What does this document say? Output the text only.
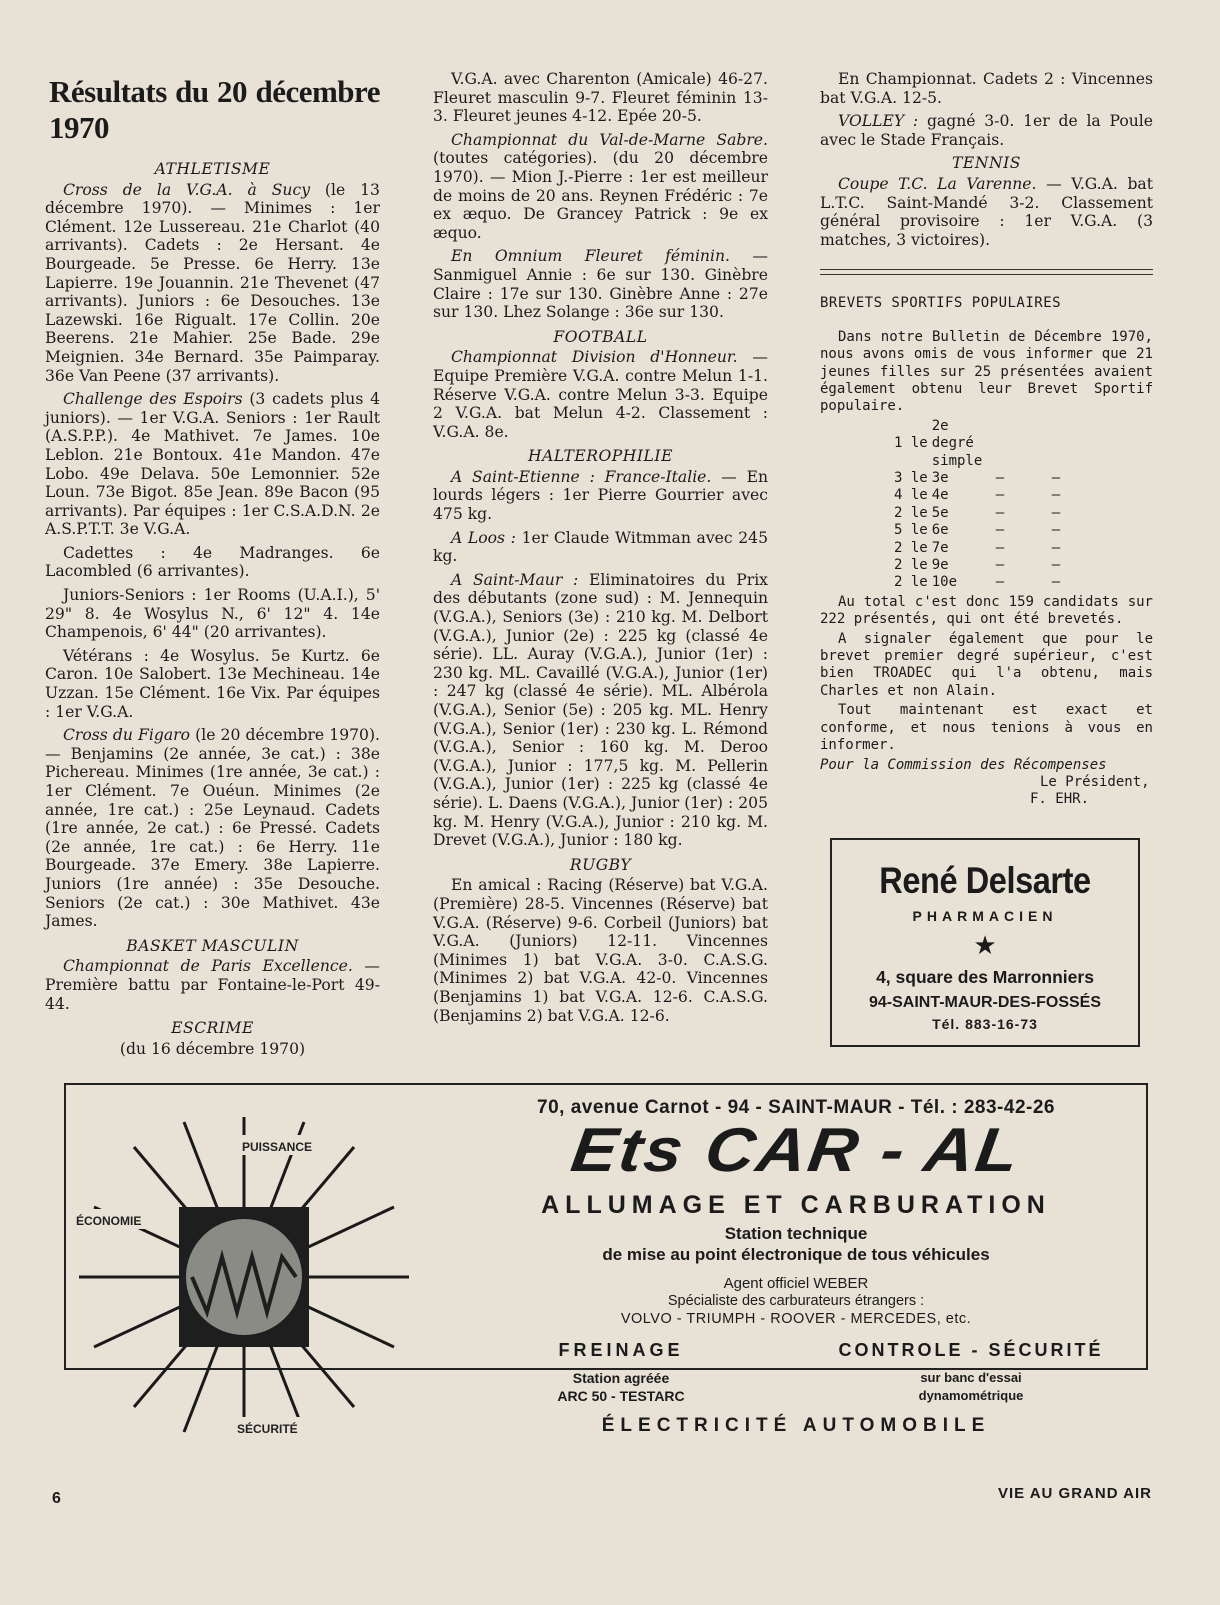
Résultats du 20 décembre 1970
ATHLETISME

Cross de la V.G.A. à Sucy (le 13 décembre 1970). — Minimes : 1er Clément. 12e Lussereau. 21e Charlot (40 arrivants). Cadets : 2e Hersant. 4e Bourgeade. 5e Presse. 6e Herry. 13e Lapierre. 19e Jouannin. 21e Thevenet (47 arrivants). Juniors : 6e Desouches. 13e Lazewski. 16e Rigualt. 17e Collin. 20e Beerens. 21e Mahier. 25e Bade. 29e Meignien. 34e Bernard. 35e Paimparay. 36e Van Peene (37 arrivants).

Challenge des Espoirs (3 cadets plus 4 juniors). — 1er V.G.A. Seniors : 1er Rault (A.S.P.P.). 4e Mathivet. 7e James. 10e Leblon. 21e Bontoux. 41e Mandon. 47e Lobo. 49e Delava. 50e Lemonnier. 52e Loun. 73e Bigot. 85e Jean. 89e Bacon (95 arrivants). Par équipes : 1er C.S.A.D.N. 2e A.S.P.T.T. 3e V.G.A.

Cadettes : 4e Madranges. 6e Lacombled (6 arrivantes).

Juniors-Seniors : 1er Rooms (U.A.I.), 5' 29" 8. 4e Wosylus N., 6' 12" 4. 14e Champenois, 6' 44" (20 arrivantes).

Vétérans : 4e Wosylus. 5e Kurtz. 6e Caron. 10e Salobert. 13e Mechineau. 14e Uzzan. 15e Clément. 16e Vix. Par équipes : 1er V.G.A.

Cross du Figaro (le 20 décembre 1970). — Benjamins (2e année, 3e cat.) : 38e Pichereau. Minimes (1re année, 3e cat.) : 1er Clément. 7e Ouéun. Minimes (2e année, 1re cat.) : 25e Leynaud. Cadets (1re année, 2e cat.) : 6e Pressé. Cadets (2e année, 1re cat.) : 6e Herry. 11e Bourgeade. 37e Emery. 38e Lapierre. Juniors (1re année) : 35e Desouche. Seniors (2e cat.) : 30e Mathivet. 43e James.

BASKET MASCULIN

Championnat de Paris Excellence. — Première battu par Fontaine-le-Port 49-44.

ESCRIME

(du 16 décembre 1970)

V.G.A. avec Charenton (Amicale) 46-27. Fleuret masculin 9-7. Fleuret féminin 13-3. Fleuret jeunes 4-12. Epée 20-5.

Championnat du Val-de-Marne Sabre. (toutes catégories). (du 20 décembre 1970). — Mion J.-Pierre : 1er est meilleur de moins de 20 ans. Reynen Frédéric : 7e ex æquo. De Grancey Patrick : 9e ex æquo.

En Omnium Fleuret féminin. — Sanmiguel Annie : 6e sur 130. Ginèbre Claire : 17e sur 130. Ginèbre Anne : 27e sur 130. Lhez Solange : 36e sur 130.

FOOTBALL

Championnat Division d'Honneur. — Equipe Première V.G.A. contre Melun 1-1. Réserve V.G.A. contre Melun 3-3. Equipe 2 V.G.A. bat Melun 4-2. Classement : V.G.A. 8e.

HALTEROPHILIE

A Saint-Etienne : France-Italie. — En lourds légers : 1er Pierre Gourrier avec 475 kg.

A Loos : 1er Claude Witmman avec 245 kg.

A Saint-Maur : Eliminatoires du Prix des débutants (zone sud) : M. Jennequin (V.G.A.), Seniors (3e) : 210 kg. M. Delbort (V.G.A.), Junior (2e) : 225 kg (classé 4e série). LL. Auray (V.G.A.), Junior (1er) : 230 kg. ML. Cavaillé (V.G.A.), Junior (1er) : 247 kg (classé 4e série). ML. Albérola (V.G.A.), Senior (5e) : 205 kg. ML. Henry (V.G.A.), Senior (1er) : 230 kg. L. Rémond (V.G.A.), Senior : 160 kg. M. Deroo (V.G.A.), Junior : 177,5 kg. M. Pellerin (V.G.A.), Junior (1er) : 225 kg (classé 4e série). L. Daens (V.G.A.), Junior (1er) : 205 kg. M. Henry (V.G.A.), Junior : 210 kg. M. Drevet (V.G.A.), Junior : 180 kg.

RUGBY

En amical : Racing (Réserve) bat V.G.A. (Première) 28-5. Vincennes (Réserve) bat V.G.A. (Réserve) 9-6. Corbeil (Juniors) bat V.G.A. (Juniors) 12-11. Vincennes (Minimes 1) bat V.G.A. 3-0. C.A.S.G. (Minimes 2) bat V.G.A. 42-0. Vincennes (Benjamins 1) bat V.G.A. 12-6. C.A.S.G. (Benjamins 2) bat V.G.A. 12-6.

En Championnat. Cadets 2 : Vincennes bat V.G.A. 12-5.

VOLLEY : gagné 3-0. 1er de la Poule avec le Stade Français.

TENNIS

Coupe T.C. La Varenne. — V.G.A. bat L.T.C. Saint-Mandé 3-2. Classement général provisoire : 1er V.G.A. (3 matches, 3 victoires).

BREVETS SPORTIFS POPULAIRES

Dans notre Bulletin de Décembre 1970, nous avons omis de vous informer que 21 jeunes filles sur 25 présentées avaient également obtenu leur Brevet Sportif populaire.

1 le	2e degré simple		
3 le	3e	—	—
4 le	4e	—	—
2 le	5e	—	—
5 le	6e	—	—
2 le	7e	—	—
2 le	9e	—	—
2 le	10e	—	—

Au total c'est donc 159 candidats sur 222 présentés, qui ont été brevetés.

A signaler également que pour le brevet premier degré supérieur, c'est bien TROADEC qui l'a obtenu, mais Charles et non Alain.

Tout maintenant est exact et conforme, et nous tenions à vous en informer.

Pour la Commission des Récompenses
Le Président,
F. EHR.
René Delsarte
PHARMACIEN
★
4, square des Marronniers
94-SAINT-MAUR-DES-FOSSÉS
Tél. 883-16-73
PUISSANCE
ÉCONOMIE
SÉCURITÉ
70, avenue Carnot - 94 - SAINT-MAUR - Tél. : 283-42-26
Ets CAR - AL
ALLUMAGE ET CARBURATION
Station technique
de mise au point électronique de tous véhicules
Agent officiel WEBER
Spécialiste des carburateurs étrangers :
VOLVO - TRIUMPH - ROOVER - MERCEDES, etc.
FREINAGE
Station agréée
ARC 50 - TESTARC
CONTROLE - SÉCURITÉ
sur banc d'essai
dynamométrique
ÉLECTRICITÉ AUTOMOBILE
6	VIE AU GRAND AIR
